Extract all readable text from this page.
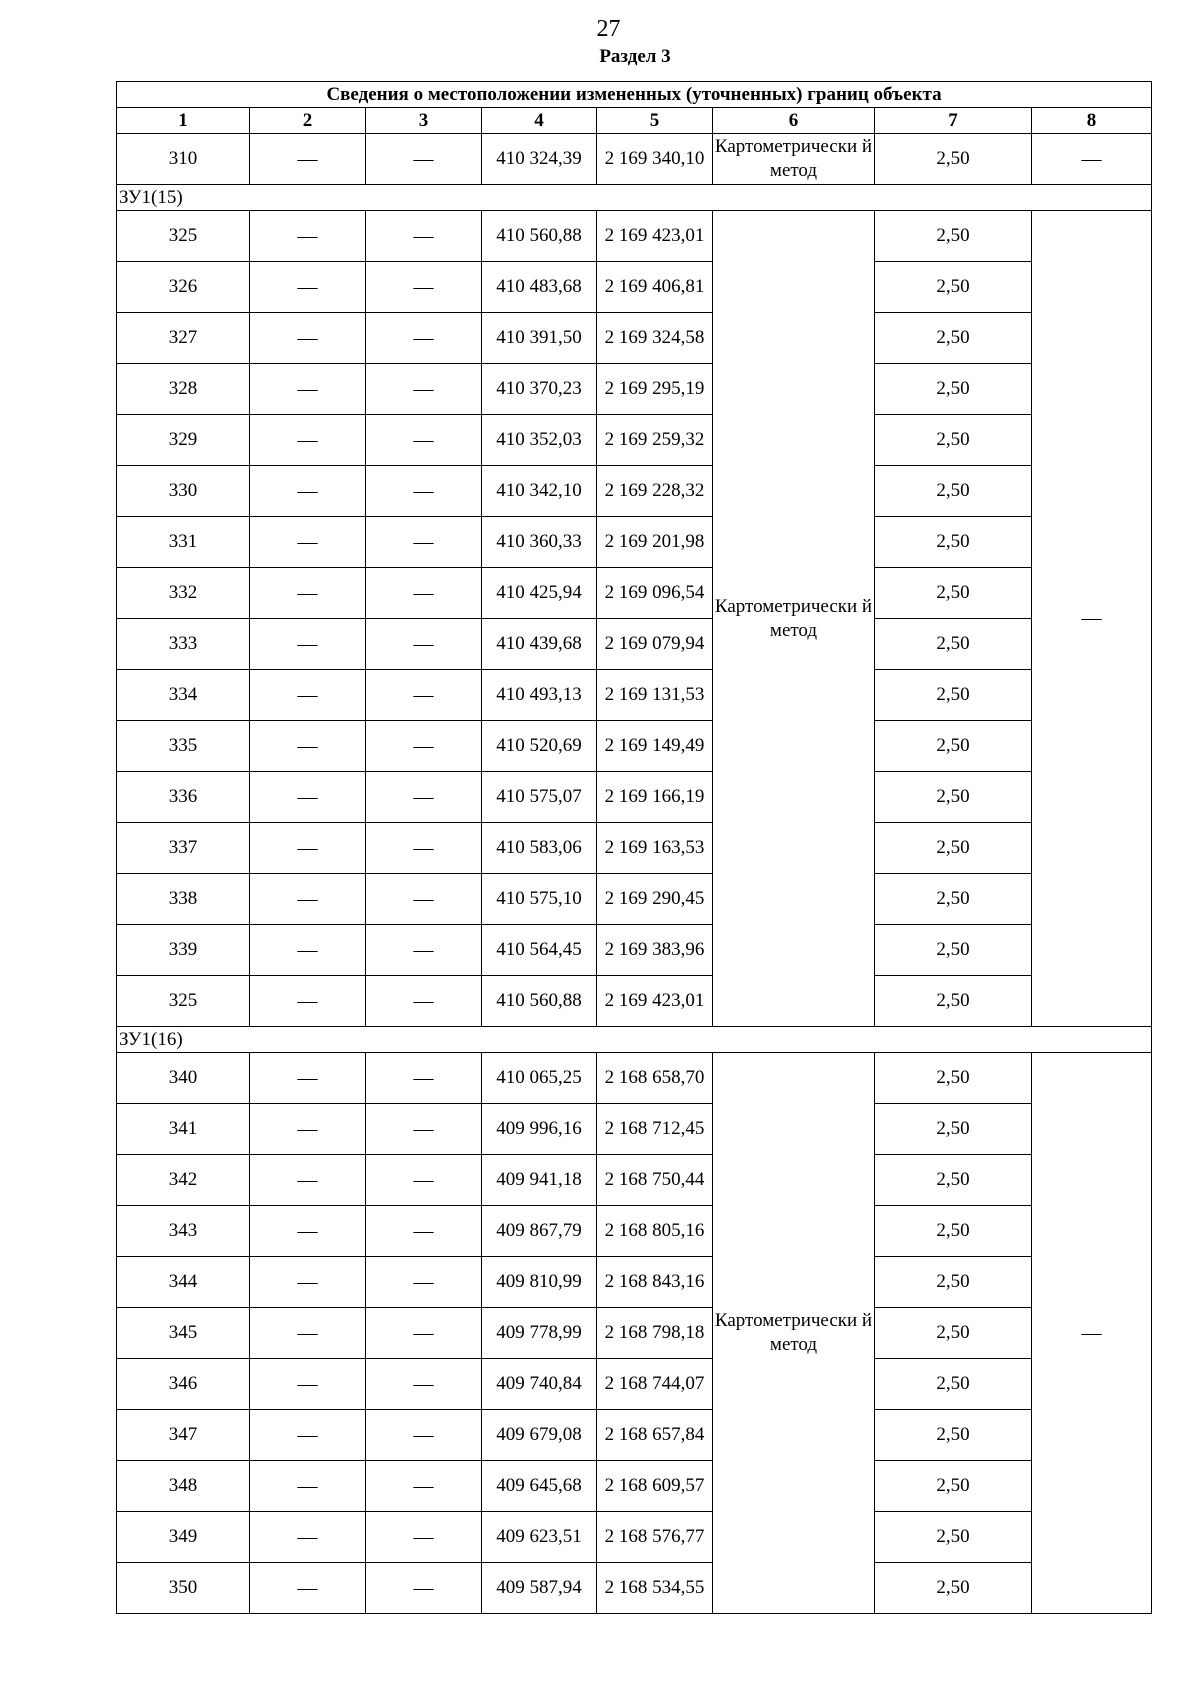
27
Раздел 3
Сведения о местоположении измененных (уточненных) границ объекта							
1	2	3	4	5	6	7	8
310	—	—	410 324,39	2 169 340,10	Картометрически й метод	2,50	—
ЗУ1(15)							
325	—	—	410 560,88	2 169 423,01	Картометрически й метод	2,50	—
326	—	—	410 483,68	2 169 406,81		2,50	
327	—	—	410 391,50	2 169 324,58		2,50	
328	—	—	410 370,23	2 169 295,19		2,50	
329	—	—	410 352,03	2 169 259,32		2,50	
330	—	—	410 342,10	2 169 228,32		2,50	
331	—	—	410 360,33	2 169 201,98		2,50	
332	—	—	410 425,94	2 169 096,54		2,50	
333	—	—	410 439,68	2 169 079,94		2,50	
334	—	—	410 493,13	2 169 131,53		2,50	
335	—	—	410 520,69	2 169 149,49		2,50	
336	—	—	410 575,07	2 169 166,19		2,50	
337	—	—	410 583,06	2 169 163,53		2,50	
338	—	—	410 575,10	2 169 290,45		2,50	
339	—	—	410 564,45	2 169 383,96		2,50	
325	—	—	410 560,88	2 169 423,01		2,50	
ЗУ1(16)							
340	—	—	410 065,25	2 168 658,70	Картометрически й метод	2,50	—
341	—	—	409 996,16	2 168 712,45		2,50	
342	—	—	409 941,18	2 168 750,44		2,50	
343	—	—	409 867,79	2 168 805,16		2,50	
344	—	—	409 810,99	2 168 843,16		2,50	
345	—	—	409 778,99	2 168 798,18		2,50	
346	—	—	409 740,84	2 168 744,07		2,50	
347	—	—	409 679,08	2 168 657,84		2,50	
348	—	—	409 645,68	2 168 609,57		2,50	
349	—	—	409 623,51	2 168 576,77		2,50	
350	—	—	409 587,94	2 168 534,55		2,50	
